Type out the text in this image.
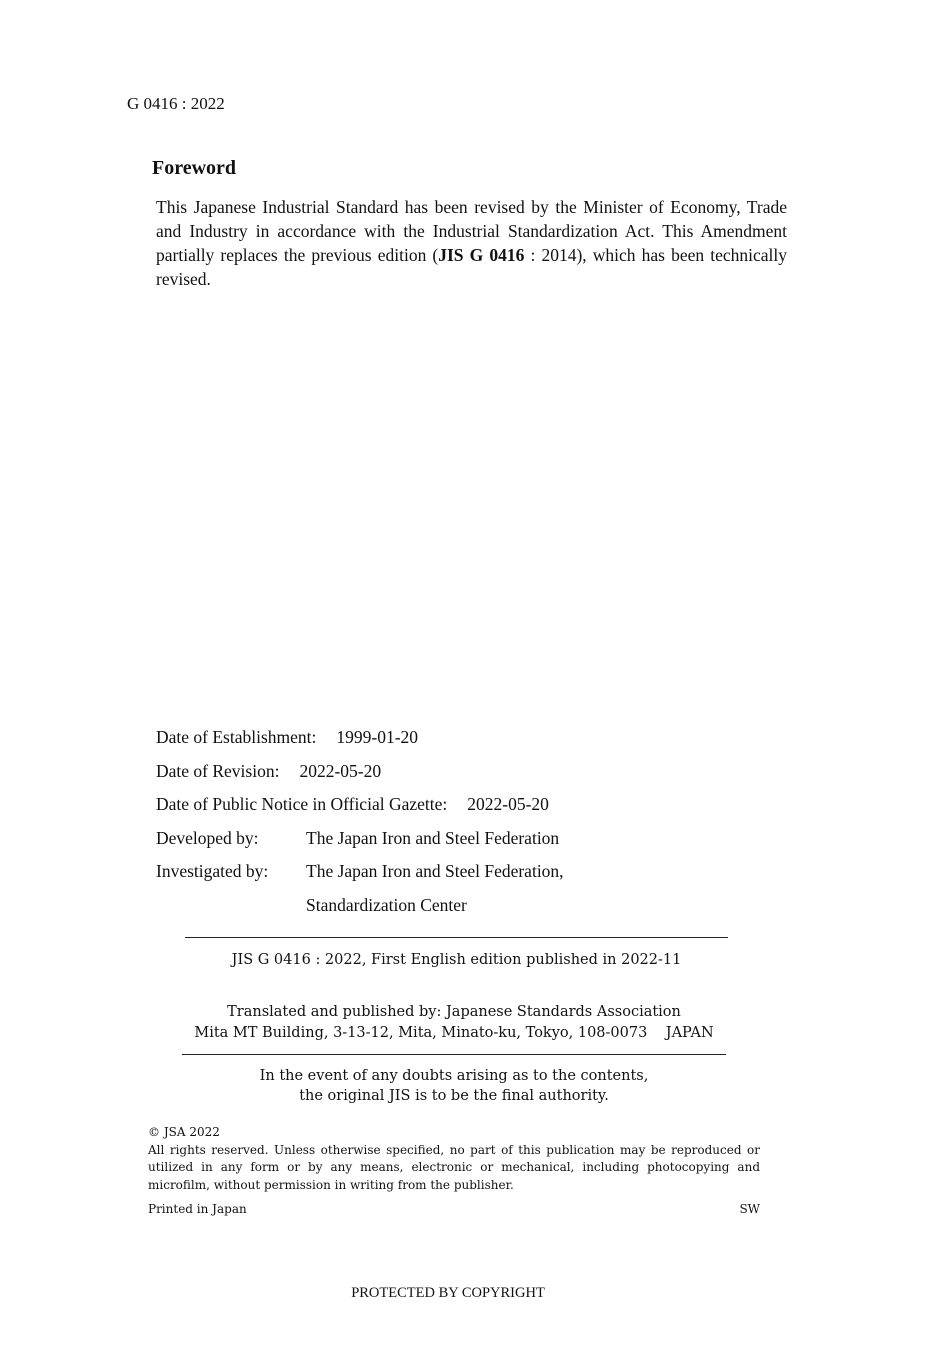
G 0416 : 2022
Foreword
This Japanese Industrial Standard has been revised by the Minister of Economy, Trade and Industry in accordance with the Industrial Standardization Act. This Amendment partially replaces the previous edition (JIS G 0416 : 2014), which has been technically revised.
Date of Establishment: 1999-01-20
Date of Revision: 2022-05-20
Date of Public Notice in Official Gazette: 2022-05-20
Developed by:	The Japan Iron and Steel Federation
Investigated by: The Japan Iron and Steel Federation,
Standardization Center
JIS G 0416 : 2022, First English edition published in 2022-11
Translated and published by: Japanese Standards Association
Mita MT Building, 3-13-12, Mita, Minato-ku, Tokyo, 108-0073    JAPAN
In the event of any doubts arising as to the contents,
the original JIS is to be the final authority.
© JSA 2022
All rights reserved. Unless otherwise specified, no part of this publication may be reproduced or utilized in any form or by any means, electronic or mechanical, including photocopying and microfilm, without permission in writing from the publisher.
Printed in Japan	SW
PROTECTED BY COPYRIGHT
